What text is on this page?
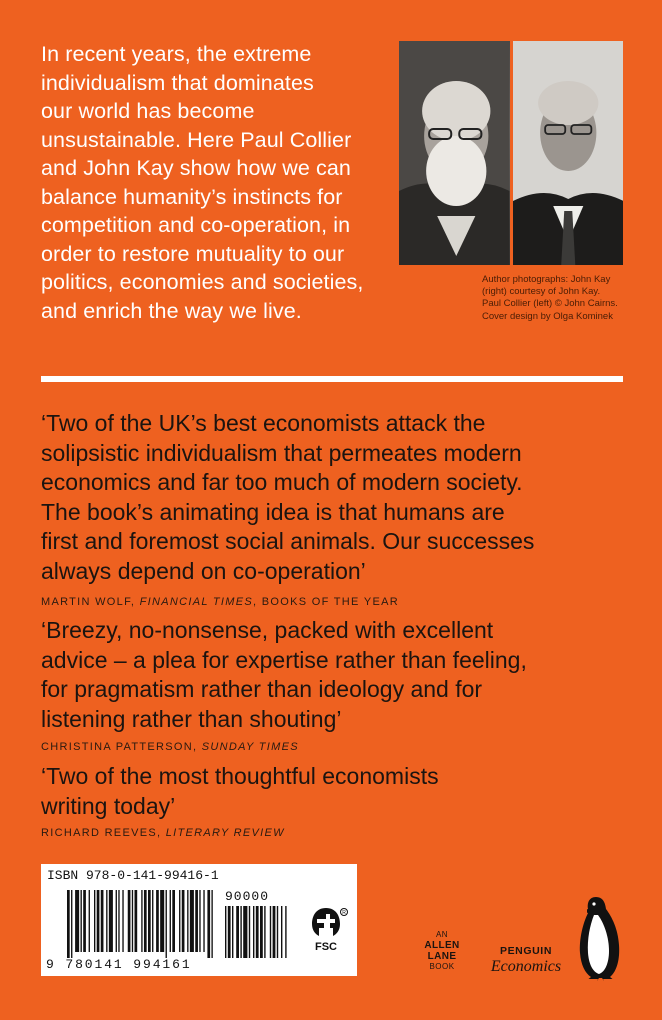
In recent years, the extreme
individualism that dominates
our world has become
unsustainable. Here Paul Collier
and John Kay show how we can
balance humanity’s instincts for
competition and co-operation, in
order to restore mutuality to our
politics, economies and societies,
and enrich the way we live.
Author photographs: John Kay
(right) courtesy of John Kay.
Paul Collier (left) © John Cairns.
Cover design by Olga Kominek
‘Two of the UK’s best economists attack the
solipsistic individualism that permeates modern
economics and far too much of modern society.
The book’s animating idea is that humans are
first and foremost social animals. Our successes
always depend on co-operation’
MARTIN WOLF, FINANCIAL TIMES, BOOKS OF THE YEAR
‘Breezy, no-nonsense, packed with excellent
advice – a plea for expertise rather than feeling,
for pragmatism rather than ideology and for
listening rather than shouting’
CHRISTINA PATTERSON, SUNDAY TIMES
‘Two of the most thoughtful economists
writing today’
RICHARD REEVES, LITERARY REVIEW

ISBN 978-0-141-99416-1

90000

9 780141 994161

R
FSC
AN
ALLEN
LANE
BOOK
PENGUIN
Economics
